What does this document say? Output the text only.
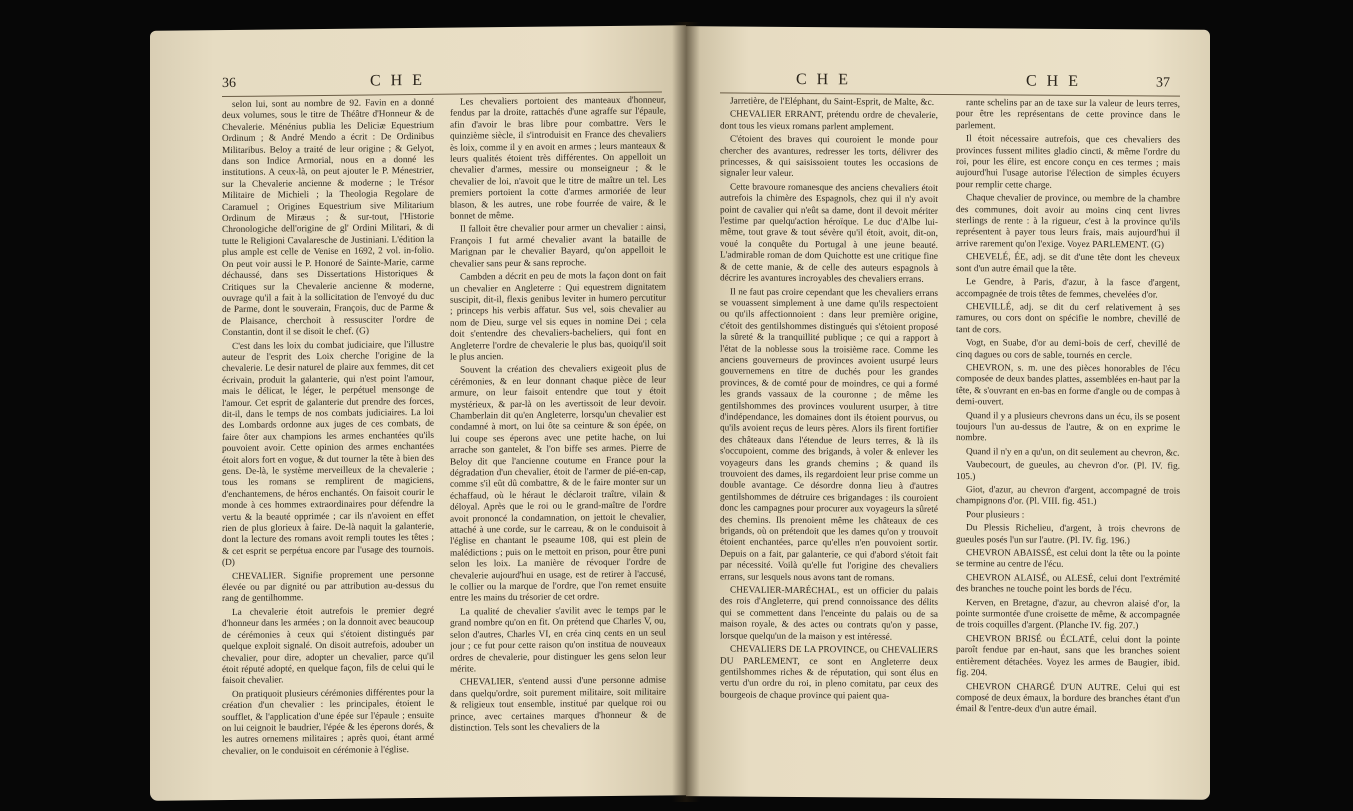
36	C H E

selon lui, sont au nombre de 92. Favin en a donné deux volumes, sous le titre de Théâtre d'Honneur & de Chevalerie. Ménénius publia les Deliciæ Equestrium Ordinum ; & André Mendo a écrit : De Ordinibus Militaribus. Beloy a traité de leur origine ; & Gelyot, dans son Indice Armorial, nous en a donné les institutions. A ceux-là, on peut ajouter le P. Ménestrier, sur la Chevalerie ancienne & moderne ; le Trésor Militaire de Michieli ; la Theologia Regolare de Caramuel ; Origines Equestrium sive Militarium Ordinum de Miræus ; & sur-tout, l'Historie Chronologiche dell'origine de gl' Ordini Militari, & di tutte le Religioni Cavalaresche de Justiniani. L'édition la plus ample est celle de Venise en 1692, 2 vol. in-folio. On peut voir aussi le P. Honoré de Sainte-Marie, carme déchaussé, dans ses Dissertations Historiques & Critiques sur la Chevalerie ancienne & moderne, ouvrage qu'il a fait à la sollicitation de l'envoyé du duc de Parme, dont le souverain, François, duc de Parme & de Plaisance, cherchoit à ressusciter l'ordre de Constantin, dont il se disoit le chef. (G)

C'est dans les loix du combat judiciaire, que l'illustre auteur de l'esprit des Loix cherche l'origine de la chevalerie. Le desir naturel de plaire aux femmes, dit cet écrivain, produit la galanterie, qui n'est point l'amour, mais le délicat, le léger, le perpétuel mensonge de l'amour. Cet esprit de galanterie dut prendre des forces, dit-il, dans le temps de nos combats judiciaires. La loi des Lombards ordonne aux juges de ces combats, de faire ôter aux champions les armes enchantées qu'ils pouvoient avoir. Cette opinion des armes enchantées étoit alors fort en vogue, & dut tourner la tête à bien des gens. De-là, le système merveilleux de la chevalerie ; tous les romans se remplirent de magiciens, d'enchantemens, de héros enchantés. On faisoit courir le monde à ces hommes extraordinaires pour défendre la vertu & la beauté opprimée ; car ils n'avoient en effet rien de plus glorieux à faire. De-là naquit la galanterie, dont la lecture des romans avoit rempli toutes les têtes ; & cet esprit se perpétua encore par l'usage des tournois. (D)

CHEVALIER. Signifie proprement une personne élevée ou par dignité ou par attribution au-dessus du rang de gentilhomme.

La chevalerie étoit autrefois le premier degré d'honneur dans les armées ; on la donnoit avec beaucoup de cérémonies à ceux qui s'étoient distingués par quelque exploit signalé. On disoit autrefois, adouber un chevalier, pour dire, adopter un chevalier, parce qu'il étoit réputé adopté, en quelque façon, fils de celui qui le faisoit chevalier.

On pratiquoit plusieurs cérémonies différentes pour la création d'un chevalier : les principales, étoient le soufflet, & l'application d'une épée sur l'épaule ; ensuite on lui ceignoit le baudrier, l'épée & les éperons dorés, & les autres ornemens militaires ; après quoi, étant armé chevalier, on le conduisoit en cérémonie à l'église.

Les chevaliers portoient des manteaux d'honneur, fendus par la droite, rattachés d'une agraffe sur l'épaule, afin d'avoir le bras libre pour combattre. Vers le quinzième siècle, il s'introduisit en France des chevaliers ès loix, comme il y en avoit en armes ; leurs manteaux & leurs qualités étoient très différentes. On appelloit un chevalier d'armes, messire ou monseigneur ; & le chevalier de loi, n'avoit que le titre de maître un tel. Les premiers portoient la cotte d'armes armoriée de leur blason, & les autres, une robe fourrée de vaire, & le bonnet de même.

Il falloit être chevalier pour armer un chevalier : ainsi, François I fut armé chevalier avant la bataille de Marignan par le chevalier Bayard, qu'on appelloit le chevalier sans peur & sans reproche.

Cambden a décrit en peu de mots la façon dont on fait un chevalier en Angleterre : Qui equestrem dignitatem suscipit, dit-il, flexis genibus leviter in humero percutitur ; princeps his verbis affatur. Sus vel, sois chevalier au nom de Dieu, surge vel sis eques in nomine Dei ; cela doit s'entendre des chevaliers-bacheliers, qui font en Angleterre l'ordre de chevalerie le plus bas, quoiqu'il soit le plus ancien.

Souvent la création des chevaliers exigeoit plus de cérémonies, & en leur donnant chaque pièce de leur armure, on leur faisoit entendre que tout y étoit mystérieux, & par-là on les avertissoit de leur devoir. Chamberlain dit qu'en Angleterre, lorsqu'un chevalier est condamné à mort, on lui ôte sa ceinture & son épée, on lui coupe ses éperons avec une petite hache, on lui arrache son gantelet, & l'on biffe ses armes. Pierre de Beloy dit que l'ancienne coutume en France pour la dégradation d'un chevalier, étoit de l'armer de pié-en-cap, comme s'il eût dû combattre, & de le faire monter sur un échaffaud, où le héraut le déclaroit traître, vilain & déloyal. Après que le roi ou le grand-maître de l'ordre avoit prononcé la condamnation, on jettoit le chevalier, attaché à une corde, sur le carreau, & on le conduisoit à l'église en chantant le pseaume 108, qui est plein de malédictions ; puis on le mettoit en prison, pour être puni selon les loix. La manière de révoquer l'ordre de chevalerie aujourd'hui en usage, est de retirer à l'accusé, le collier ou la marque de l'ordre, que l'on remet ensuite entre les mains du trésorier de cet ordre.

La qualité de chevalier s'avilit avec le temps par le grand nombre qu'on en fit. On prétend que Charles V, ou, selon d'autres, Charles VI, en créa cinq cents en un seul jour ; ce fut pour cette raison qu'on institua de nouveaux ordres de chevalerie, pour distinguer les gens selon leur mérite.

CHEVALIER, s'entend aussi d'une personne admise dans quelqu'ordre, soit purement militaire, soit militaire & religieux tout ensemble, institué par quelque roi ou prince, avec certaines marques d'honneur & de distinction. Tels sont les chevaliers de la

C H E	C H E	37

Jarretière, de l'Eléphant, du Saint-Esprit, de Malte, &c.

CHEVALIER ERRANT, prétendu ordre de chevalerie, dont tous les vieux romans parlent amplement.

C'étoient des braves qui couroient le monde pour chercher des avantures, redresser les torts, délivrer des princesses, & qui saisissoient toutes les occasions de signaler leur valeur.

Cette bravoure romanesque des anciens chevaliers étoit autrefois la chimère des Espagnols, chez qui il n'y avoit point de cavalier qui n'eût sa dame, dont il devoit mériter l'estime par quelqu'action héroïque. Le duc d'Albe lui-même, tout grave & tout sévère qu'il étoit, avoit, dit-on, voué la conquête du Portugal à une jeune beauté. L'admirable roman de dom Quichotte est une critique fine & de cette manie, & de celle des auteurs espagnols à décrire les avantures incroyables des chevaliers errans.

Il ne faut pas croire cependant que les chevaliers errans se vouassent simplement à une dame qu'ils respectoient ou qu'ils affectionnoient : dans leur première origine, c'étoit des gentilshommes distingués qui s'étoient proposé la sûreté & la tranquillité publique ; ce qui a rapport à l'état de la noblesse sous la troisième race. Comme les anciens gouverneurs de provinces avoient usurpé leurs gouvernemens en titre de duchés pour les grandes provinces, & de comté pour de moindres, ce qui a formé les grands vassaux de la couronne ; de même les gentilshommes des provinces voulurent usurper, à titre d'indépendance, les domaines dont ils étoient pourvus, ou qu'ils avoient reçus de leurs pères. Alors ils firent fortifier des châteaux dans l'étendue de leurs terres, & là ils s'occupoient, comme des brigands, à voler & enlever les voyageurs dans les grands chemins ; & quand ils trouvoient des dames, ils regardoient leur prise comme un double avantage. Ce désordre donna lieu à d'autres gentilshommes de détruire ces brigandages : ils couroient donc les campagnes pour procurer aux voyageurs la sûreté des chemins. Ils prenoient même les châteaux de ces brigands, où on prétendoit que les dames qu'on y trouvoit étoient enchantées, parce qu'elles n'en pouvoient sortir. Depuis on a fait, par galanterie, ce qui d'abord s'étoit fait par nécessité. Voilà qu'elle fut l'origine des chevaliers errans, sur lesquels nous avons tant de romans.

CHEVALIER-MARÉCHAL, est un officier du palais des rois d'Angleterre, qui prend connoissance des délits qui se commettent dans l'enceinte du palais ou de sa maison royale, & des actes ou contrats qu'on y passe, lorsque quelqu'un de la maison y est intéressé.

CHEVALIERS DE LA PROVINCE, ou CHEVALIERS DU PARLEMENT, ce sont en Angleterre deux gentilshommes riches & de réputation, qui sont élus en vertu d'un ordre du roi, in pleno comitatu, par ceux des bourgeois de chaque province qui paient qua-

rante schelins par an de taxe sur la valeur de leurs terres, pour être les représentans de cette province dans le parlement.

Il étoit nécessaire autrefois, que ces chevaliers des provinces fussent milites gladio cincti, & même l'ordre du roi, pour les élire, est encore conçu en ces termes ; mais aujourd'hui l'usage autorise l'élection de simples écuyers pour remplir cette charge.

Chaque chevalier de province, ou membre de la chambre des communes, doit avoir au moins cinq cent livres sterlings de rente : à la rigueur, c'est à la province qu'ils représentent à payer tous leurs frais, mais aujourd'hui il arrive rarement qu'on l'exige. Voyez PARLEMENT. (G)

CHEVELÉ, ÉE, adj. se dit d'une tête dont les cheveux sont d'un autre émail que la tête.

Le Gendre, à Paris, d'azur, à la fasce d'argent, accompagnée de trois têtes de femmes, chevelées d'or.

CHEVILLÉ, adj. se dit du cerf relativement à ses ramures, ou cors dont on spécifie le nombre, chevillé de tant de cors.

Vogt, en Suabe, d'or au demi-bois de cerf, chevillé de cinq dagues ou cors de sable, tournés en cercle.

CHEVRON, s. m. une des pièces honorables de l'écu composée de deux bandes plattes, assemblées en-haut par la tête, & s'ouvrant en en-bas en forme d'angle ou de compas à demi-ouvert.

Quand il y a plusieurs chevrons dans un écu, ils se posent toujours l'un au-dessus de l'autre, & on en exprime le nombre.

Quand il n'y en a qu'un, on dit seulement au chevron, &c.

Vaubecourt, de gueules, au chevron d'or. (Pl. IV. fig. 105.)

Giot, d'azur, au chevron d'argent, accompagné de trois champignons d'or. (Pl. VIII. fig. 451.)

Pour plusieurs :

Du Plessis Richelieu, d'argent, à trois chevrons de gueules posés l'un sur l'autre. (Pl. IV. fig. 196.)

CHEVRON ABAISSÉ, est celui dont la tête ou la pointe se termine au centre de l'écu.

CHEVRON ALAISÉ, ou ALESÉ, celui dont l'extrémité des branches ne touche point les bords de l'écu.

Kerven, en Bretagne, d'azur, au chevron alaisé d'or, la pointe surmontée d'une croisette de même, & accompagnée de trois coquilles d'argent. (Planche IV. fig. 207.)

CHEVRON BRISÉ ou ÉCLATÉ, celui dont la pointe paroît fendue par en-haut, sans que les branches soient entièrement détachées. Voyez les armes de Baugier, ibid. fig. 204.

CHEVRON CHARGÉ D'UN AUTRE. Celui qui est composé de deux émaux, la bordure des branches étant d'un émail & l'entre-deux d'un autre émail.
